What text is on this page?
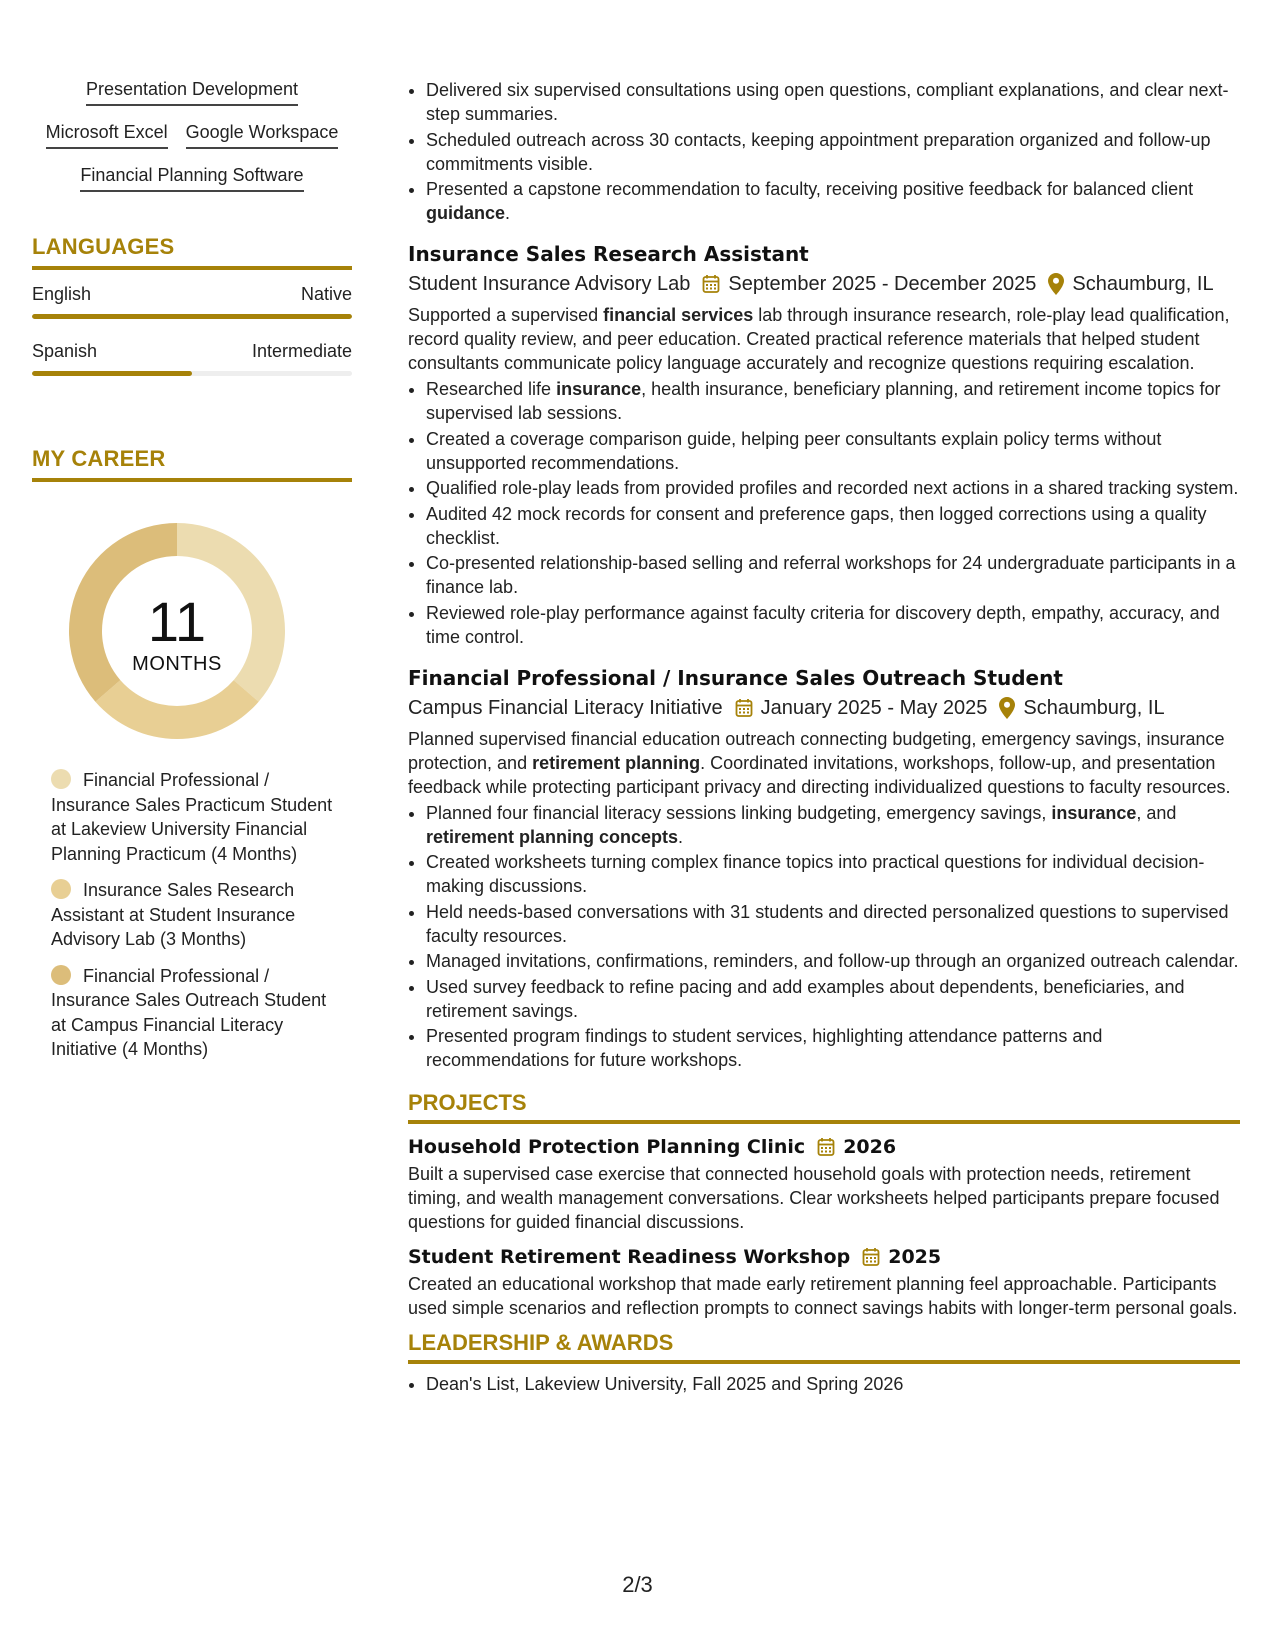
Presentation Development
Microsoft Excel Google Workspace
Financial Planning Software
LANGUAGES
English	Native
Spanish	Intermediate
MY CAREER
11
MONTHS
Financial Professional / Insurance Sales Practicum Student at Lakeview University Financial Planning Practicum (4 Months)
Insurance Sales Research Assistant at Student Insurance Advisory Lab (3 Months)
Financial Professional / Insurance Sales Outreach Student at Campus Financial Literacy Initiative (4 Months)
• Delivered six supervised consultations using open questions, compliant explanations, and clear next-step summaries.
• Scheduled outreach across 30 contacts, keeping appointment preparation organized and follow-up commitments visible.
• Presented a capstone recommendation to faculty, receiving positive feedback for balanced client guidance.
Insurance Sales Research Assistant
Student Insurance Advisory Lab September 2025 - December 2025 Schaumburg, IL
Supported a supervised financial services lab through insurance research, role-play lead qualification, record quality review, and peer education. Created practical reference materials that helped student consultants communicate policy language accurately and recognize questions requiring escalation.
• Researched life insurance, health insurance, beneficiary planning, and retirement income topics for supervised lab sessions.
• Created a coverage comparison guide, helping peer consultants explain policy terms without unsupported recommendations.
• Qualified role-play leads from provided profiles and recorded next actions in a shared tracking system.
• Audited 42 mock records for consent and preference gaps, then logged corrections using a quality checklist.
• Co-presented relationship-based selling and referral workshops for 24 undergraduate participants in a finance lab.
• Reviewed role-play performance against faculty criteria for discovery depth, empathy, accuracy, and time control.
Financial Professional / Insurance Sales Outreach Student
Campus Financial Literacy Initiative January 2025 - May 2025 Schaumburg, IL
Planned supervised financial education outreach connecting budgeting, emergency savings, insurance protection, and retirement planning. Coordinated invitations, workshops, follow-up, and presentation feedback while protecting participant privacy and directing individualized questions to faculty resources.
• Planned four financial literacy sessions linking budgeting, emergency savings, insurance, and retirement planning concepts.
• Created worksheets turning complex finance topics into practical questions for individual decision-making discussions.
• Held needs-based conversations with 31 students and directed personalized questions to supervised faculty resources.
• Managed invitations, confirmations, reminders, and follow-up through an organized outreach calendar.
• Used survey feedback to refine pacing and add examples about dependents, beneficiaries, and retirement savings.
• Presented program findings to student services, highlighting attendance patterns and recommendations for future workshops.
PROJECTS
Household Protection Planning Clinic 2026
Built a supervised case exercise that connected household goals with protection needs, retirement timing, and wealth management conversations. Clear worksheets helped participants prepare focused questions for guided financial discussions.
Student Retirement Readiness Workshop 2025
Created an educational workshop that made early retirement planning feel approachable. Participants used simple scenarios and reflection prompts to connect savings habits with longer-term personal goals.
LEADERSHIP & AWARDS
• Dean's List, Lakeview University, Fall 2025 and Spring 2026
2/3
